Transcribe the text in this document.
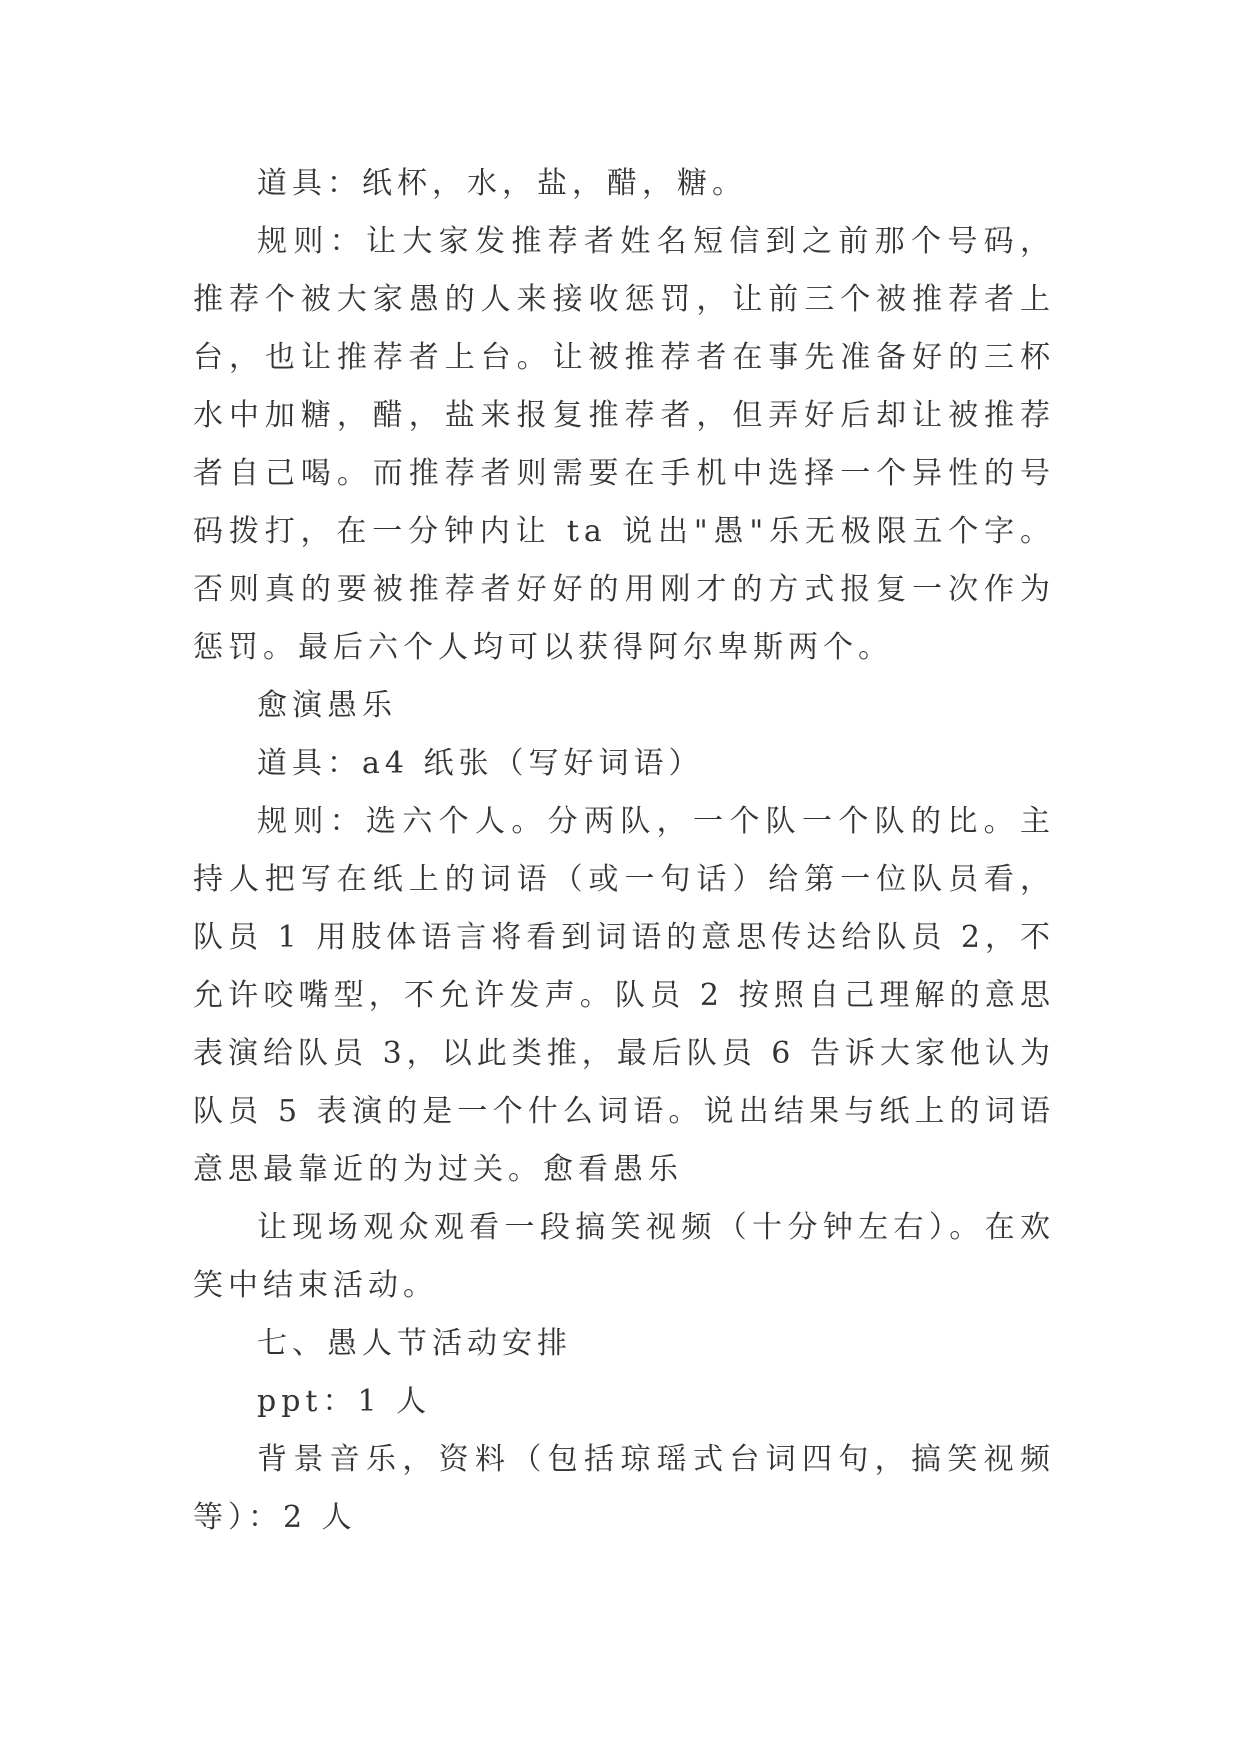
道具：纸杯，水，盐，醋，糖。

规则：让大家发推荐者姓名短信到之前那个号码，推荐个被大家愚的人来接收惩罚，让前三个被推荐者上台，也让推荐者上台。让被推荐者在事先准备好的三杯水中加糖，醋，盐来报复推荐者，但弄好后却让被推荐者自己喝。而推荐者则需要在手机中选择一个异性的号码拨打，在一分钟内让 ta 说出"愚"乐无极限五个字。否则真的要被推荐者好好的用刚才的方式报复一次作为惩罚。最后六个人均可以获得阿尔卑斯两个。

愈演愚乐

道具：a4 纸张（写好词语）

规则：选六个人。分两队，一个队一个队的比。主持人把写在纸上的词语（或一句话）给第一位队员看，队员 1 用肢体语言将看到词语的意思传达给队员 2，不允许咬嘴型，不允许发声。队员 2 按照自己理解的意思表演给队员 3，以此类推，最后队员 6 告诉大家他认为队员 5 表演的是一个什么词语。说出结果与纸上的词语意思最靠近的为过关。愈看愚乐

让现场观众观看一段搞笑视频（十分钟左右）。在欢笑中结束活动。

七、愚人节活动安排

ppt：1 人

背景音乐，资料（包括琼瑶式台词四句，搞笑视频等）：2 人
